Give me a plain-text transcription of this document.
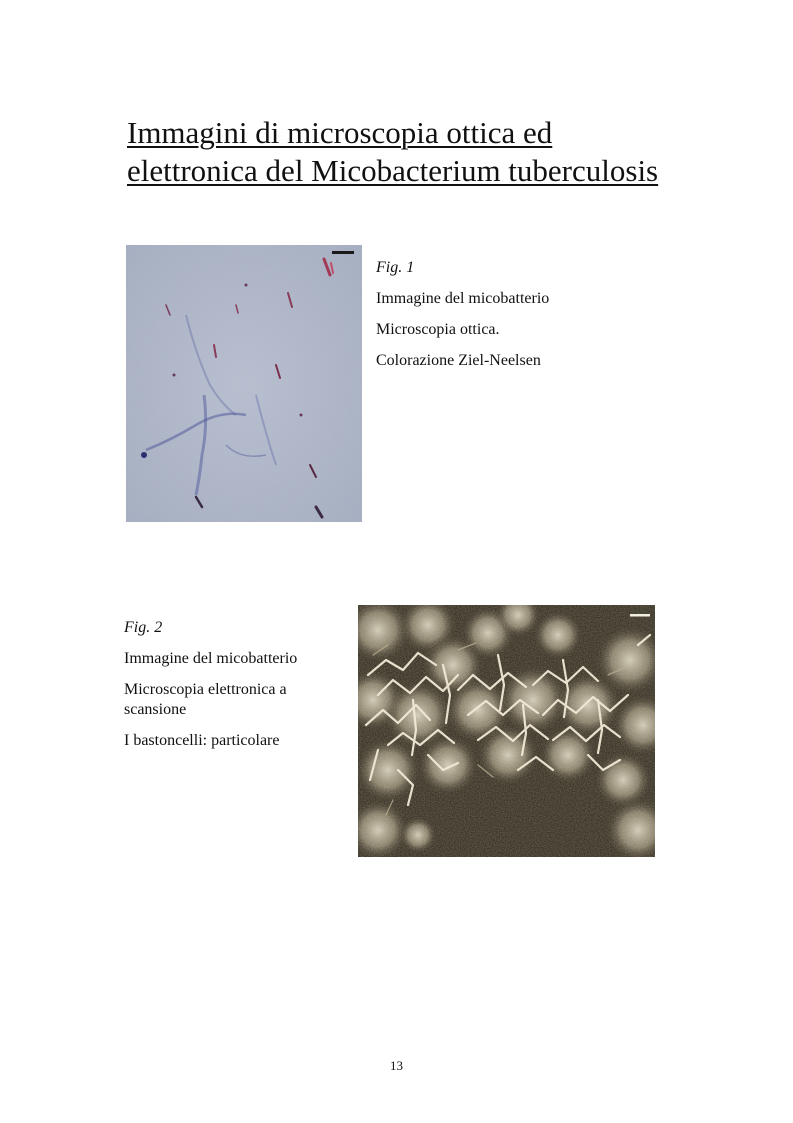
Immagini di microscopia ottica ed
elettronica del Micobacterium tuberculosis
Fig. 1
Immagine del micobatterio
Microscopia ottica.
Colorazione Ziel-Neelsen
Fig. 2
Immagine del micobatterio
Microscopia elettronica a
scansione
I bastoncelli: particolare
13
